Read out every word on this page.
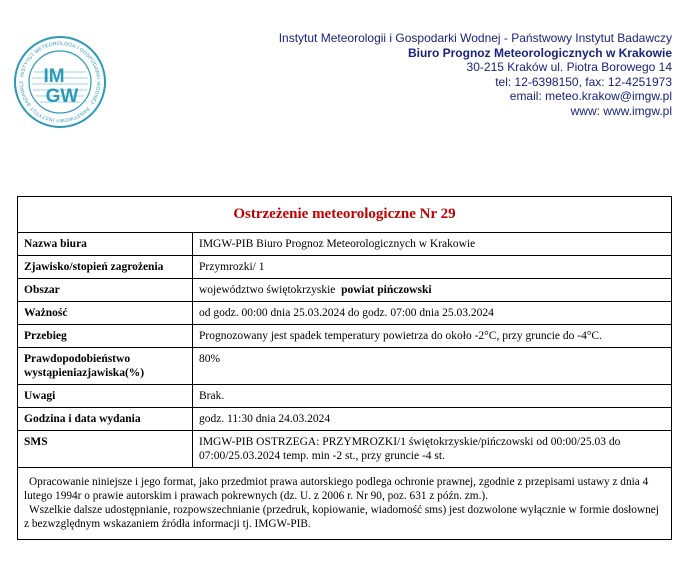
INSTYTUT METEOROLOGII I GOSPODARKI WODNEJ · PAŃSTWOWY INSTYTUT BADAWCZ IM
GW
Instytut Meteorologii i Gospodarki Wodnej - Państwowy Instytut Badawczy
Biuro Prognoz Meteorologicznych w Krakowie
30-215 Kraków ul. Piotra Borowego 14
tel: 12-6398150, fax: 12-4251973
email: meteo.krakow@imgw.pl
www: www.imgw.pl
Ostrzeżenie meteorologiczne Nr 29	
Nazwa biura	IMGW-PIB Biuro Prognoz Meteorologicznych w Krakowie
Zjawisko/stopień zagrożenia	Przymrozki/ 1
Obszar	województwo świętokrzyskie powiat pińczowski
Ważność	od godz. 00:00 dnia 25.03.2024 do godz. 07:00 dnia 25.03.2024
Przebieg	Prognozowany jest spadek temperatury powietrza do około -2°C, przy gruncie do -4°C.
Prawdopodobieństwo wystąpieniazjawiska(%)	80%
Uwagi	Brak.
Godzina i data wydania	godz. 11:30 dnia 24.03.2024
SMS	IMGW-PIB OSTRZEGA: PRZYMROZKI/1 świętokrzyskie/pińczowski od 00:00/25.03 do 07:00/25.03.2024 temp. min -2 st., przy gruncie -4 st.

Opracowanie niniejsze i jego format, jako przedmiot prawa autorskiego podlega ochronie prawnej, zgodnie z przepisami ustawy z dnia 4 lutego 1994r o prawie autorskim i prawach pokrewnych (dz. U. z 2006 r. Nr 90, poz. 631 z późn. zm.).

Wszelkie dalsze udostępnianie, rozpowszechnianie (przedruk, kopiowanie, wiadomość sms) jest dozwolone wyłącznie w formie dosłownej z bezwzględnym wskazaniem źródła informacji tj. IMGW-PIB.	
